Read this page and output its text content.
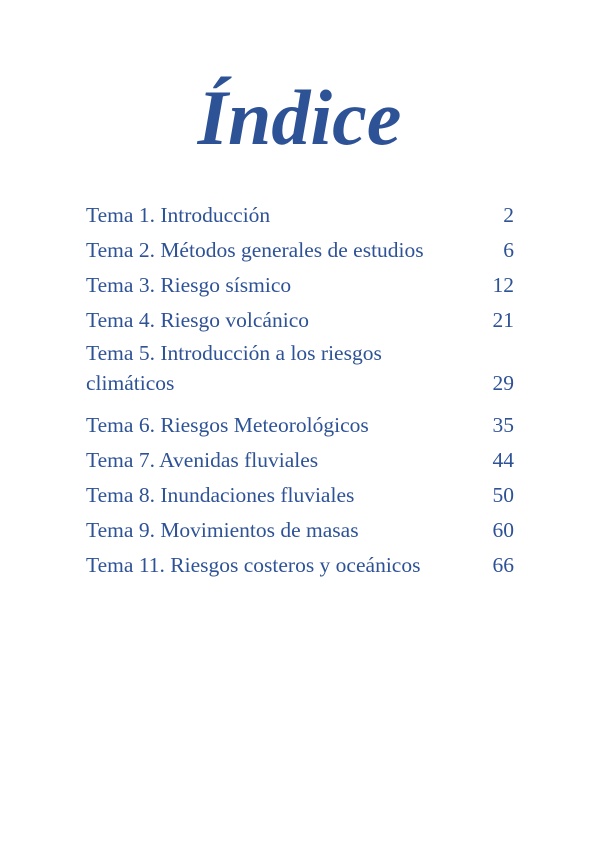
Índice
Tema 1. Introducción	2
Tema 2. Métodos generales de estudios	6
Tema 3. Riesgo sísmico	12
Tema 4. Riesgo volcánico	21
Tema 5. Introducción a los riesgos
climáticos	29
Tema 6. Riesgos Meteorológicos	35
Tema 7. Avenidas fluviales	44
Tema 8. Inundaciones fluviales	50
Tema 9. Movimientos de masas	60
Tema 11. Riesgos costeros y oceánicos	66
